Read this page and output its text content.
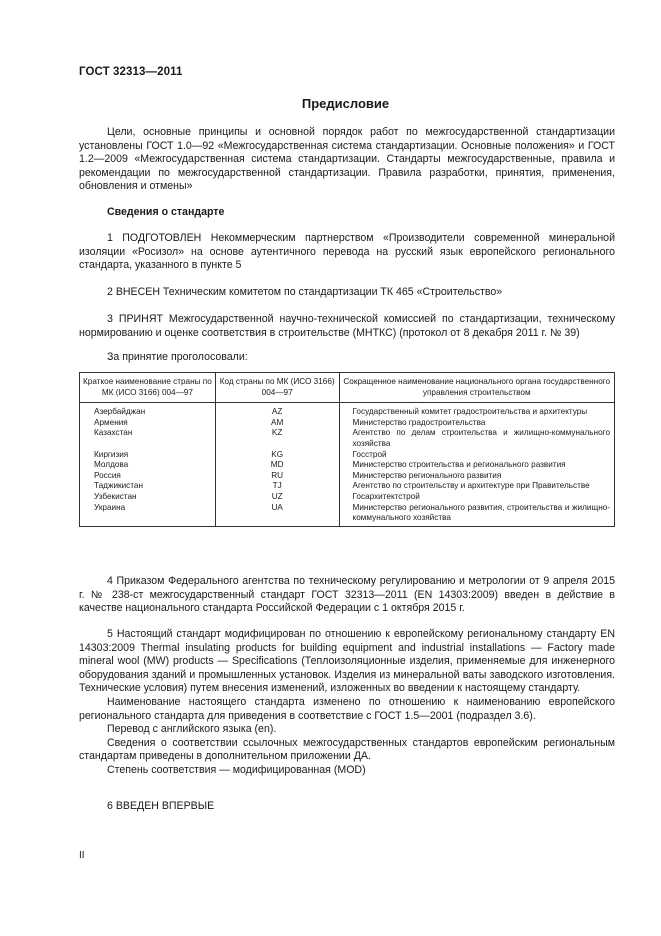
ГОСТ 32313—2011
Предисловие

Цели, основные принципы и основной порядок работ по межгосударственной стандартизации установлены ГОСТ 1.0—92 «Межгосударственная система стандартизации. Основные положения» и ГОСТ 1.2—2009 «Межгосударственная система стандартизации. Стандарты межгосударственные, правила и рекомендации по межгосударственной стандартизации. Правила разработки, принятия, применения, обновления и отмены»

Сведения о стандарте

1 ПОДГОТОВЛЕН Некоммерческим партнерством «Производители современной минеральной изоляции «Росизол» на основе аутентичного перевода на русский язык европейского регионального стандарта, указанного в пункте 5

2 ВНЕСЕН Техническим комитетом по стандартизации ТК 465 «Строительство»

3 ПРИНЯТ Межгосударственной научно-технической комиссией по стандартизации, техническому нормированию и оценке соответствия в строительстве (МНТКС) (протокол от 8 декабря 2011 г. № 39)

За принятие проголосовали:

Краткое наименование страны по МК (ИСО 3166) 004—97	Код страны по МК (ИСО 3166) 004—97	Сокращенное наименование национального органа государственного управления строительством
Азербайджан	AZ	Государственный комитет градостроительства и архитектуры
Армения	AM	Министерство градостроительства
Казахстан	KZ	Агентство по делам строительства и жилищно-коммунального хозяйства
Киргизия	KG	Госстрой
Молдова	MD	Министерство строительства и регионального развития
Россия	RU	Министерство регионального развития
Таджикистан	TJ	Агентство по строительству и архитектуре при Правительстве
Узбекистан	UZ	Госархитектстрой
Украина	UA	Министерство регионального развития, строительства и жилищно-коммунального хозяйства

4 Приказом Федерального агентства по техническому регулированию и метрологии от 9 апреля 2015 г. № 238-ст межгосударственный стандарт ГОСТ 32313—2011 (EN 14303:2009) введен в действие в качестве национального стандарта Российской Федерации с 1 октября 2015 г.

5 Настоящий стандарт модифицирован по отношению к европейскому региональному стандарту EN 14303:2009 Thermal insulating products for building equipment and industrial installations — Factory made mineral wool (MW) products — Specifications (Теплоизоляционные изделия, применяемые для инженерного оборудования зданий и промышленных установок. Изделия из минеральной ваты заводского изготовления. Технические условия) путем внесения изменений, изложенных во введении к настоящему стандарту.

Наименование настоящего стандарта изменено по отношению к наименованию европейского регионального стандарта для приведения в соответствие с ГОСТ 1.5—2001 (подраздел 3.6).

Перевод с английского языка (en).

Сведения о соответствии ссылочных межгосударственных стандартов европейским региональным стандартам приведены в дополнительном приложении ДА.

Степень соответствия — модифицированная (MOD)

6 ВВЕДЕН ВПЕРВЫЕ

II
